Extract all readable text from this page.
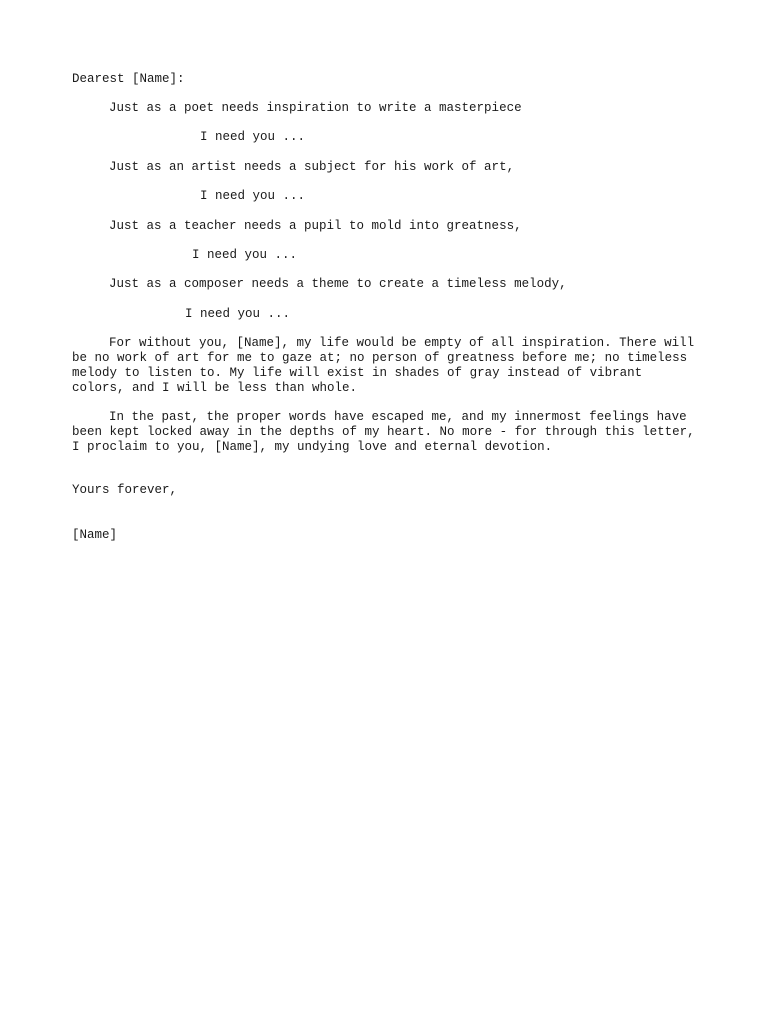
Dearest [Name]:
Just as a poet needs inspiration to write a masterpiece
I need you ...
Just as an artist needs a subject for his work of art,
I need you ...
Just as a teacher needs a pupil to mold into greatness,
I need you ...
Just as a composer needs a theme to create a timeless melody,
I need you ...
For without you, [Name], my life would be empty of all inspiration. There will be no work of art for me to gaze at; no person of greatness before me; no timeless melody to listen to. My life will exist in shades of gray instead of vibrant colors, and I will be less than whole.
In the past, the proper words have escaped me, and my innermost feelings have been kept locked away in the depths of my heart. No more - for through this letter, I proclaim to you, [Name], my undying love and eternal devotion.
Yours forever,
[Name]
